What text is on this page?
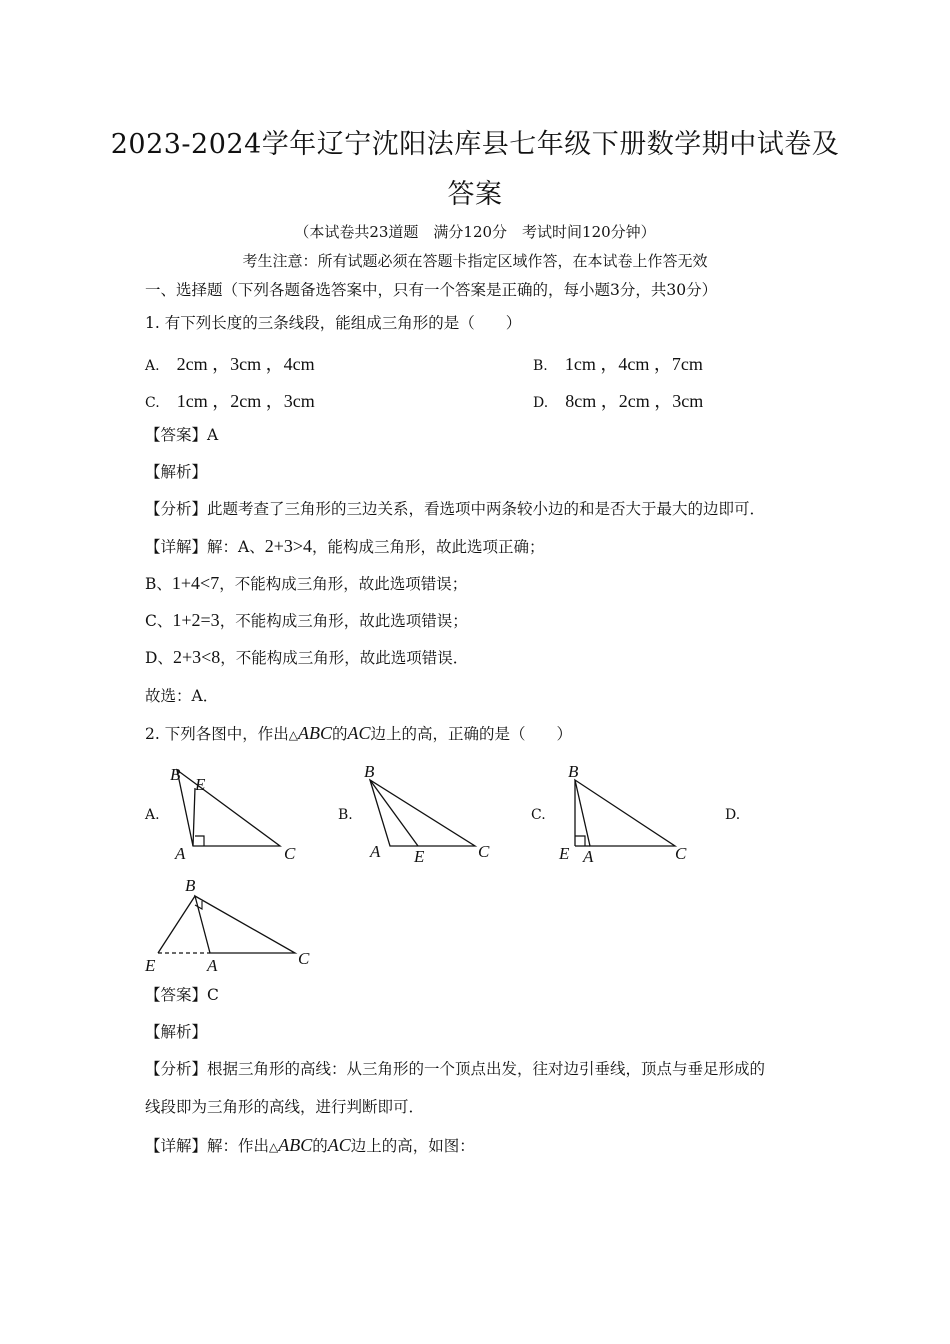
2023-2024学年辽宁沈阳法库县七年级下册数学期中试卷及
答案
（本试卷共23道题　满分120分　考试时间120分钟）
考生注意：所有试题必须在答题卡指定区域作答，在本试卷上作答无效
一、选择题（下列各题备选答案中，只有一个答案是正确的，每小题3分，共30分）
1. 有下列长度的三条线段，能组成三角形的是（　　）
A. 2cm ，3cm ，4cm	B. 1cm ，4cm ，7cm
C. 1cm ，2cm ，3cm	D. 8cm ，2cm ，3cm
【答案】A
【解析】
【分析】此题考查了三角形的三边关系，看选项中两条较小边的和是否大于最大的边即可．
【详解】解：A、2+3>4，能构成三角形，故此选项正确；
B、1+4<7，不能构成三角形，故此选项错误；
C、1+2=3，不能构成三角形，故此选项错误；
D、2+3<8，不能构成三角形，故此选项错误．
故选：A．
2. 下列各图中，作出△ABC的AC边上的高，正确的是（　　）
A.	B.	C.	D.
B
E
A	C
B
A E	C
B
E A	C
B
E	A	C
【答案】C
【解析】
【分析】根据三角形的高线：从三角形的一个顶点出发，往对边引垂线，顶点与垂足形成的
线段即为三角形的高线，进行判断即可．
【详解】解：作出△ABC的AC边上的高，如图：
